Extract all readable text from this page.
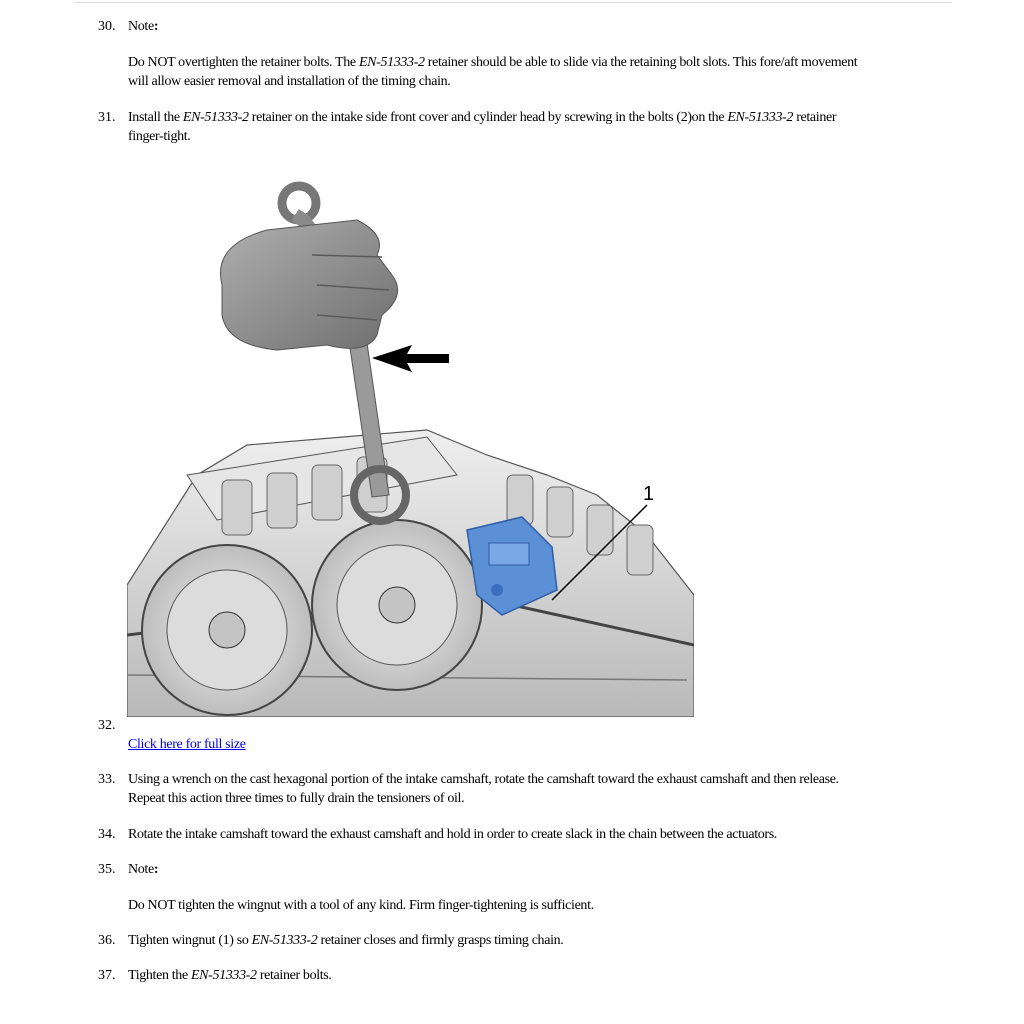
30. Note:
Do NOT overtighten the retainer bolts. The EN-51333-2 retainer should be able to slide via the retaining bolt slots. This fore/aft movement
will allow easier removal and installation of the timing chain.
31. Install the EN-51333-2 retainer on the intake side front cover and cylinder head by screwing in the bolts (2)on the EN-51333-2 retainer
finger-tight.
1
32.
Click here for full size
33. Using a wrench on the cast hexagonal portion of the intake camshaft, rotate the camshaft toward the exhaust camshaft and then release.
Repeat this action three times to fully drain the tensioners of oil.
34. Rotate the intake camshaft toward the exhaust camshaft and hold in order to create slack in the chain between the actuators.
35. Note:
Do NOT tighten the wingnut with a tool of any kind. Firm finger-tightening is sufficient.
36. Tighten wingnut (1) so EN-51333-2 retainer closes and firmly grasps timing chain.
37. Tighten the EN-51333-2 retainer bolts.
